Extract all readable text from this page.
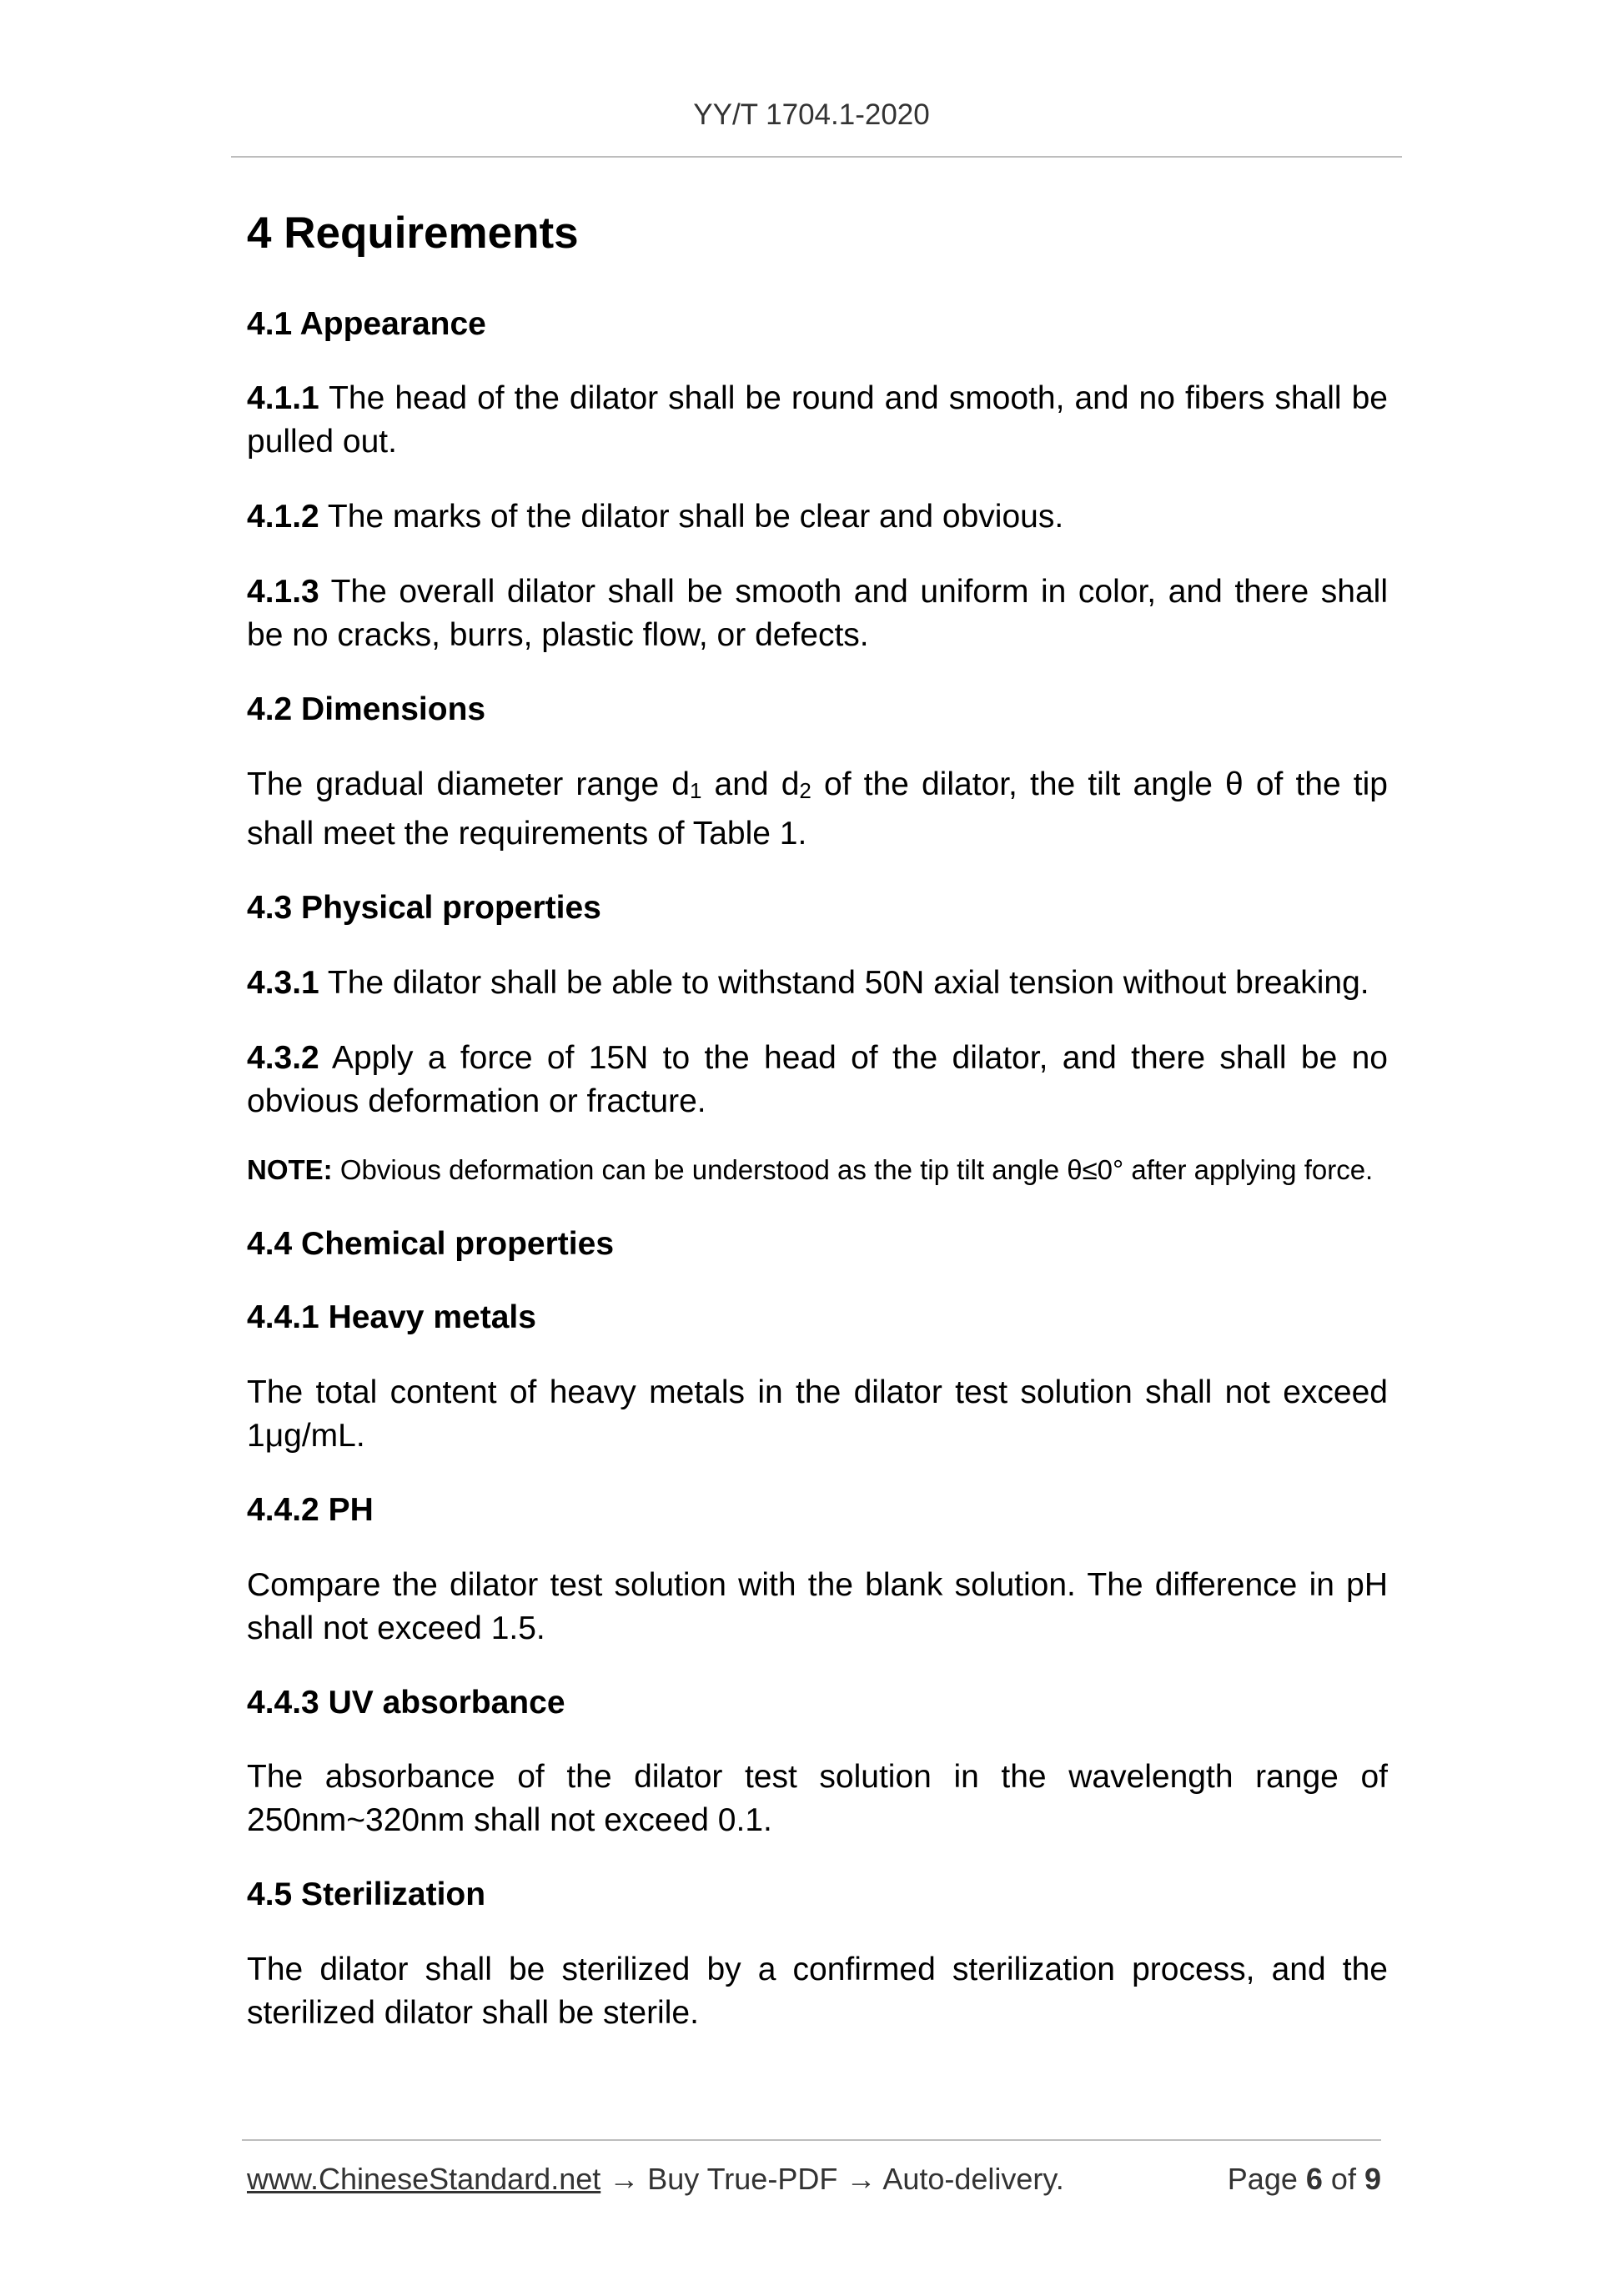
YY/T 1704.1-2020
4 Requirements
4.1 Appearance

4.1.1 The head of the dilator shall be round and smooth, and no fibers shall be pulled out.

4.1.2 The marks of the dilator shall be clear and obvious.

4.1.3 The overall dilator shall be smooth and uniform in color, and there shall be no cracks, burrs, plastic flow, or defects.

4.2 Dimensions

The gradual diameter range d1 and d2 of the dilator, the tilt angle θ of the tip shall meet the requirements of Table 1.

4.3 Physical properties

4.3.1 The dilator shall be able to withstand 50N axial tension without breaking.

4.3.2 Apply a force of 15N to the head of the dilator, and there shall be no obvious deformation or fracture.

NOTE: Obvious deformation can be understood as the tip tilt angle θ≤0° after applying force.

4.4 Chemical properties
4.4.1 Heavy metals

The total content of heavy metals in the dilator test solution shall not exceed 1μg/mL.

4.4.2 PH

Compare the dilator test solution with the blank solution. The difference in pH shall not exceed 1.5.

4.4.3 UV absorbance

The absorbance of the dilator test solution in the wavelength range of 250nm~320nm shall not exceed 0.1.

4.5 Sterilization

The dilator shall be sterilized by a confirmed sterilization process, and the sterilized dilator shall be sterile.

www.ChineseStandard.net → Buy True-PDF → Auto-delivery.	Page 6 of 9
